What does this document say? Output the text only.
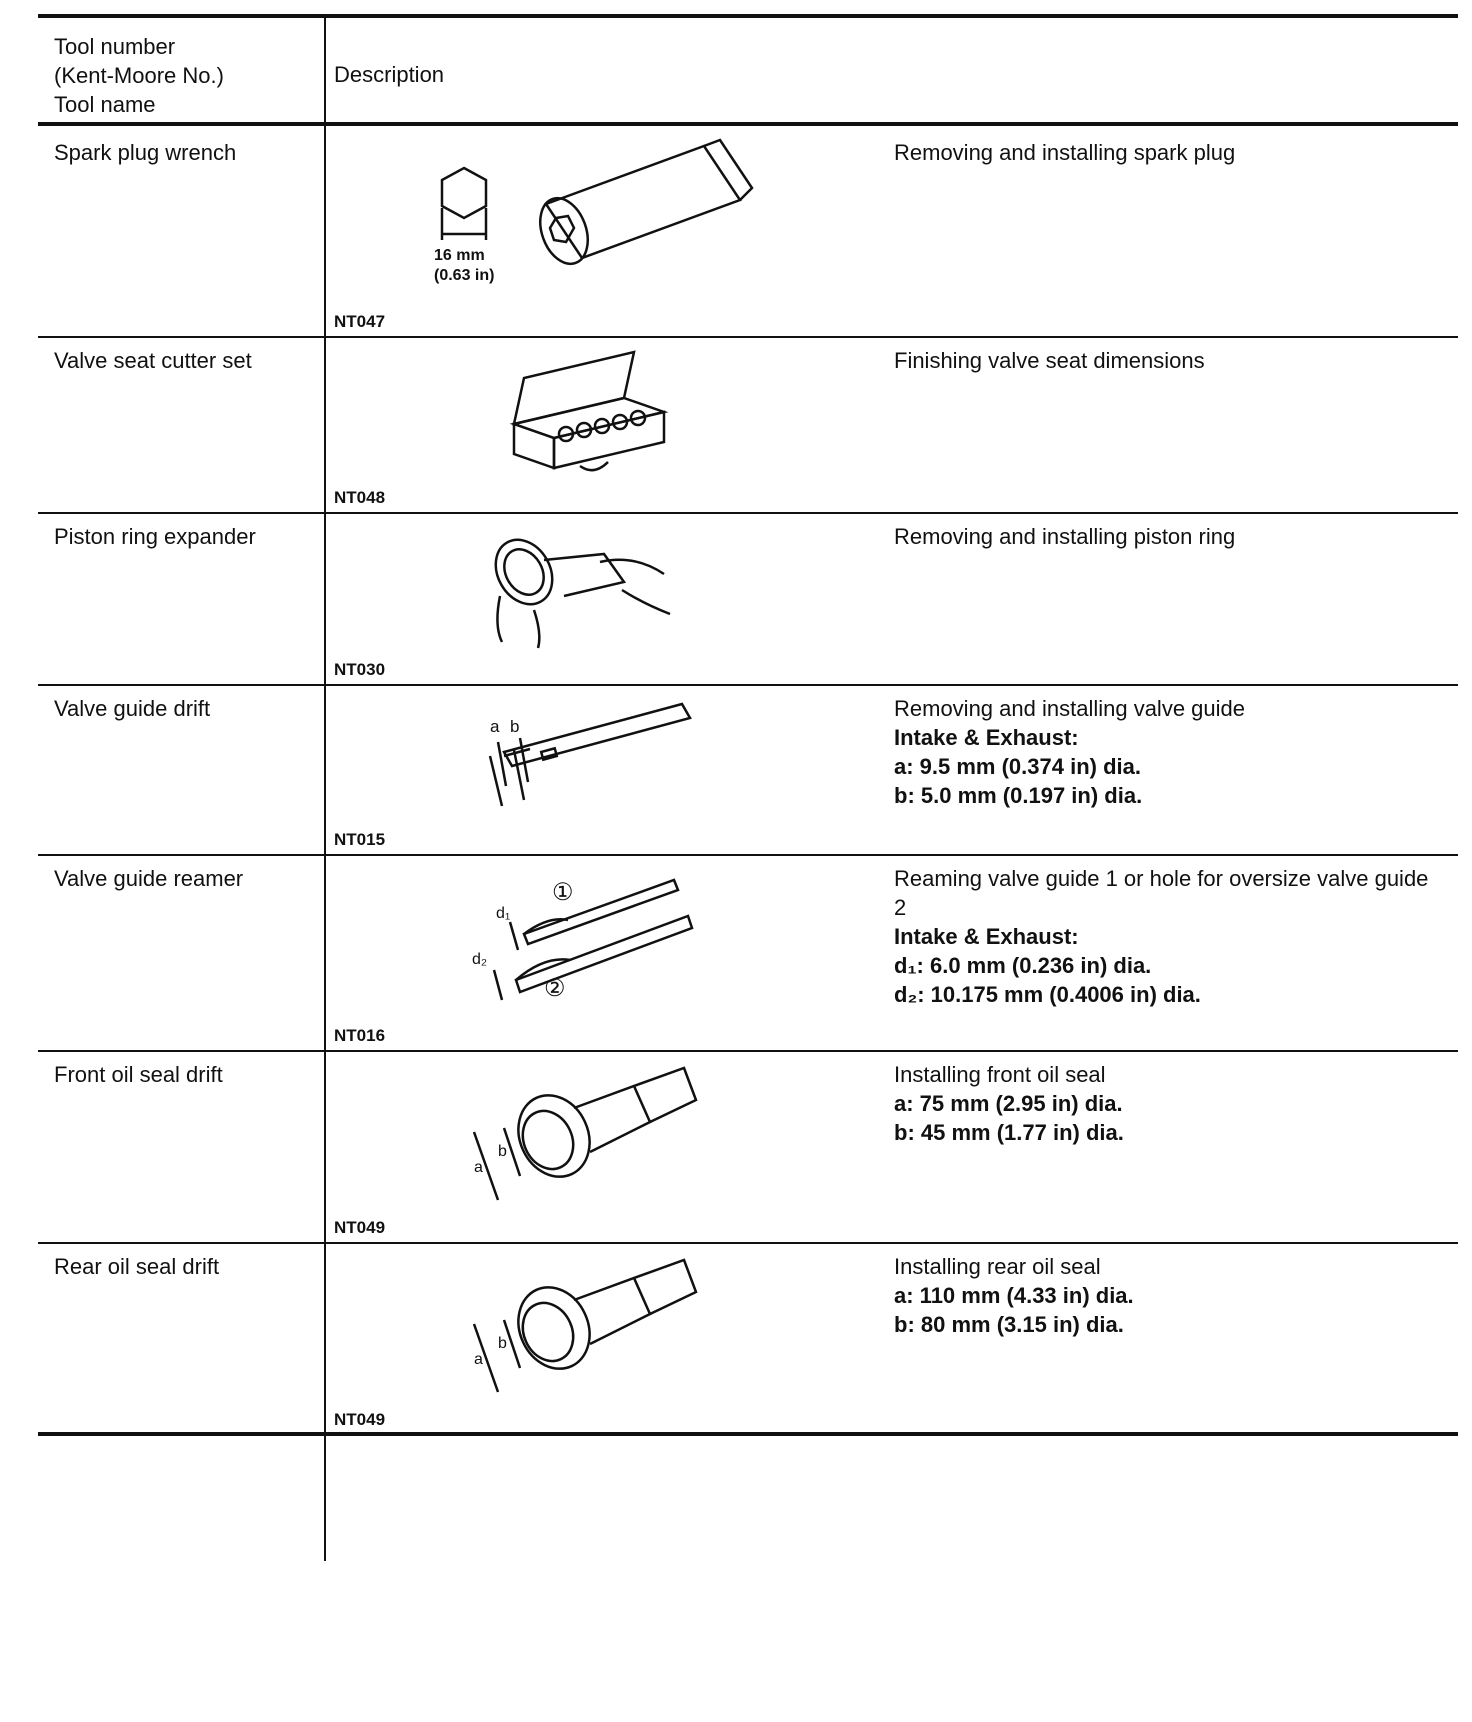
Tool number
(Kent-Moore No.)
Tool name
Description
Spark plug wrench
16 mm
(0.63 in)
NT047
Removing and installing spark plug
Valve seat cutter set
NT048
Finishing valve seat dimensions
Piston ring expander
NT030
Removing and installing piston ring
Valve guide drift
a b
NT015
Removing and installing valve guide
Intake & Exhaust:
a: 9.5 mm (0.374 in) dia.
b: 5.0 mm (0.197 in) dia.
Valve guide reamer
d₁
d₂
①
②
NT016
Reaming valve guide 1 or hole for oversize valve guide 2
Intake & Exhaust:
d₁: 6.0 mm (0.236 in) dia.
d₂: 10.175 mm (0.4006 in) dia.
Front oil seal drift
a
b
NT049
Installing front oil seal
a: 75 mm (2.95 in) dia.
b: 45 mm (1.77 in) dia.
Rear oil seal drift
a
b
NT049
Installing rear oil seal
a: 110 mm (4.33 in) dia.
b: 80 mm (3.15 in) dia.
